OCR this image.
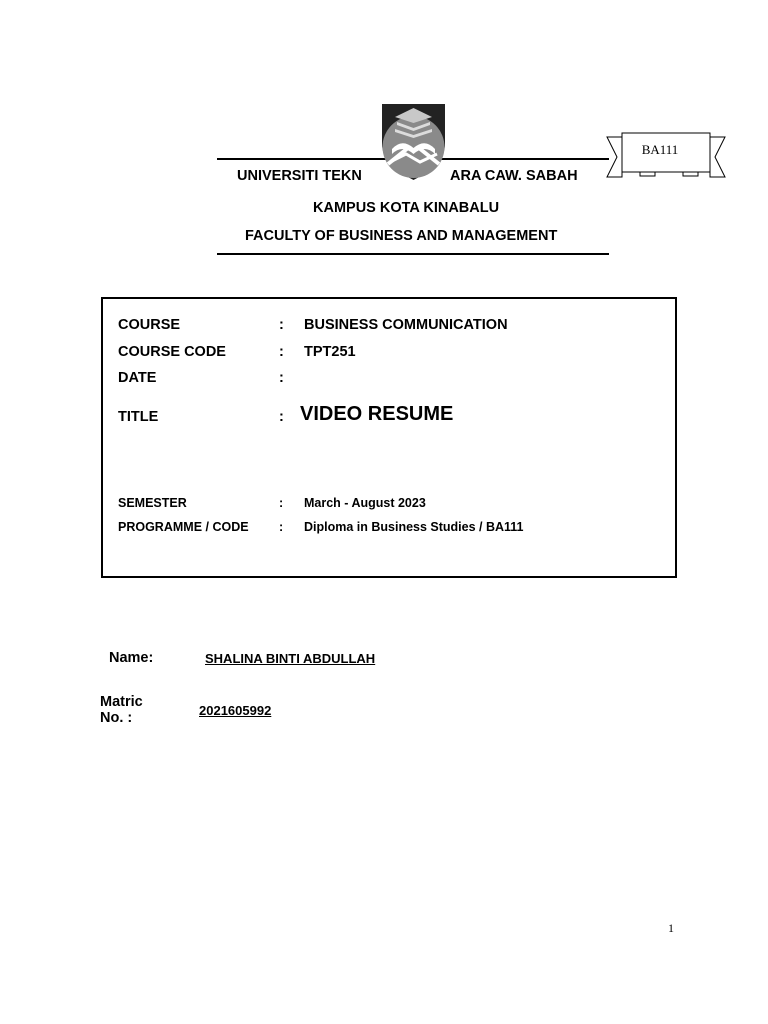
BA111
UNIVERSITI TEKN	ARA CAW. SABAH
KAMPUS KOTA KINABALU
FACULTY OF BUSINESS AND MANAGEMENT
COURSE	: BUSINESS COMMUNICATION
COURSE CODE	: TPT251
DATE	:
TITLE	: VIDEO RESUME
SEMESTER	: March - August 2023
PROGRAMME / CODE : Diploma in Business Studies / BA111
Name:	SHALINA BINTI ABDULLAH
Matric
No. :	2021605992
1
